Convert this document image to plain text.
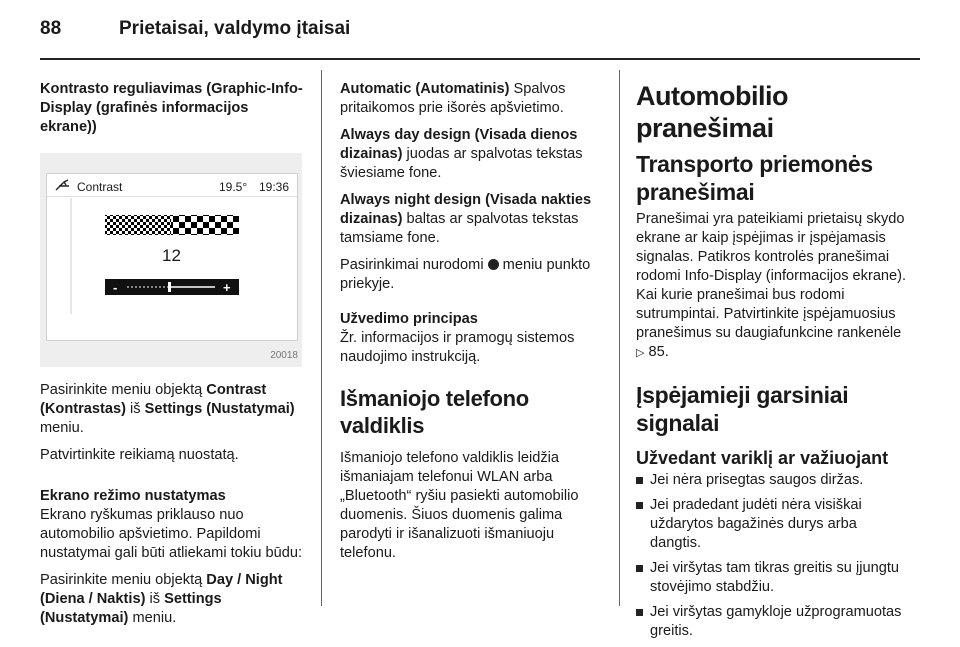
88	Prietaisai, valdymo įtaisai

Kontrasto reguliavimas (Graphic-Info-Display (grafinės informacijos ekrane))

Contrast	19.5° 19:36
12
-	+
20018

Pasirinkite meniu objektą Contrast (Kontrastas) iš Settings (Nustatymai) meniu.

Patvirtinkite reikiamą nuostatą.

Ekrano režimo nustatymas

Ekrano ryškumas priklauso nuo automobilio apšvietimo. Papildomi nustatymai gali būti atliekami tokiu būdu:

Pasirinkite meniu objektą Day / Night (Diena / Naktis) iš Settings (Nustatymai) meniu.

Automatic (Automatinis) Spalvos pritaikomos prie išorės apšvietimo.

Always day design (Visada dienos dizainas) juodas ar spalvotas tekstas šviesiame fone.

Always night design (Visada nakties dizainas) baltas ar spalvotas tekstas tamsiame fone.

Pasirinkimai nurodomi  meniu punkto priekyje.

Užvedimo principas

Žr. informacijos ir pramogų sistemos naudojimo instrukciją.

Išmaniojo telefono valdiklis

Išmaniojo telefono valdiklis leidžia išmaniajam telefonui WLAN arba „Bluetooth“ ryšiu pasiekti automobilio duomenis. Šiuos duomenis galima parodyti ir išanalizuoti išmaniuoju telefonu.

Automobilio pranešimai
Transporto priemonės pranešimai

Pranešimai yra pateikiami prietaisų skydo ekrane ar kaip įspėjimas ir įspėjamasis signalas. Patikros kontrolės pranešimai rodomi Info-Display (informacijos ekrane). Kai kurie pranešimai bus rodomi sutrumpintai. Patvirtinkite įspėjamuosius pranešimus su daugiafunkcine rankenėle ▷ 85.

Įspėjamieji garsiniai signalai
Užvedant variklį ar važiuojant
Jei nėra prisegtas saugos diržas.
Jei pradedant judėti nėra visiškai uždarytos bagažinės durys arba dangtis.
Jei viršytas tam tikras greitis su įjungtu stovėjimo stabdžiu.
Jei viršytas gamykloje užprogramuotas greitis.
